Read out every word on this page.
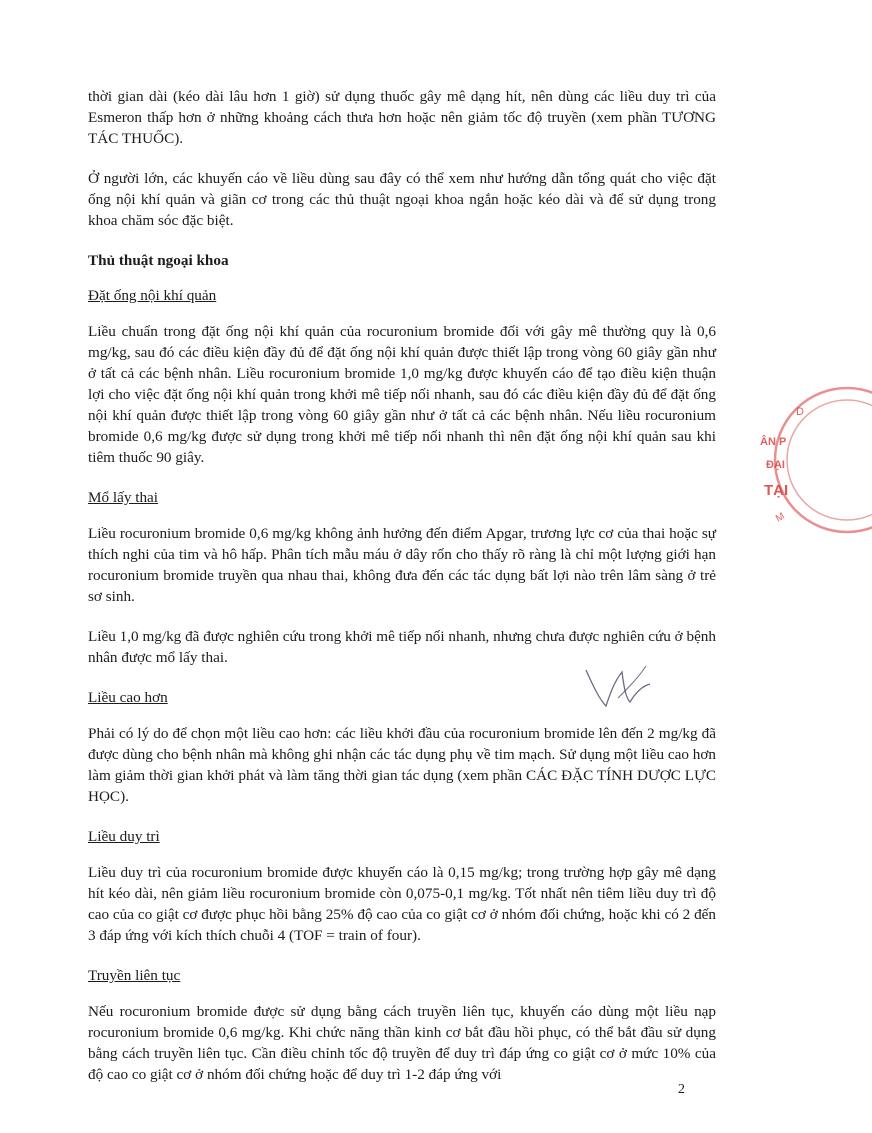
thời gian dài (kéo dài lâu hơn 1 giờ) sử dụng thuốc gây mê dạng hít, nên dùng các liều duy trì của Esmeron thấp hơn ở những khoảng cách thưa hơn hoặc nên giảm tốc độ truyền (xem phần TƯƠNG TÁC THUỐC).

Ở người lớn, các khuyến cáo về liều dùng sau đây có thể xem như hướng dẫn tổng quát cho việc đặt ống nội khí quản và giãn cơ trong các thủ thuật ngoại khoa ngắn hoặc kéo dài và để sử dụng trong khoa chăm sóc đặc biệt.

Thủ thuật ngoại khoa
Đặt ống nội khí quản

Liều chuẩn trong đặt ống nội khí quản của rocuronium bromide đối với gây mê thường quy là 0,6 mg/kg, sau đó các điều kiện đầy đủ để đặt ống nội khí quản được thiết lập trong vòng 60 giây gần như ở tất cả các bệnh nhân. Liều rocuronium bromide 1,0 mg/kg được khuyến cáo để tạo điều kiện thuận lợi cho việc đặt ống nội khí quản trong khởi mê tiếp nối nhanh, sau đó các điều kiện đầy đủ để đặt ống nội khí quản được thiết lập trong vòng 60 giây gần như ở tất cả các bệnh nhân. Nếu liều rocuronium bromide 0,6 mg/kg được sử dụng trong khởi mê tiếp nối nhanh thì nên đặt ống nội khí quản sau khi tiêm thuốc 90 giây.

Mổ lấy thai

Liều rocuronium bromide 0,6 mg/kg không ảnh hưởng đến điểm Apgar, trương lực cơ của thai hoặc sự thích nghi của tim và hô hấp. Phân tích mẫu máu ở dây rốn cho thấy rõ ràng là chỉ một lượng giới hạn rocuronium bromide truyền qua nhau thai, không đưa đến các tác dụng bất lợi nào trên lâm sàng ở trẻ sơ sinh.

Liều 1,0 mg/kg đã được nghiên cứu trong khởi mê tiếp nối nhanh, nhưng chưa được nghiên cứu ở bệnh nhân được mổ lấy thai.

Liều cao hơn

Phải có lý do để chọn một liều cao hơn: các liều khởi đầu của rocuronium bromide lên đến 2 mg/kg đã được dùng cho bệnh nhân mà không ghi nhận các tác dụng phụ về tim mạch. Sử dụng một liều cao hơn làm giảm thời gian khởi phát và làm tăng thời gian tác dụng (xem phần CÁC ĐẶC TÍNH DƯỢC LỰC HỌC).

Liều duy trì

Liều duy trì của rocuronium bromide được khuyến cáo là 0,15 mg/kg; trong trường hợp gây mê dạng hít kéo dài, nên giảm liều rocuronium bromide còn 0,075-0,1 mg/kg. Tốt nhất nên tiêm liều duy trì độ cao của co giật cơ được phục hồi bằng 25% độ cao của co giật cơ ở nhóm đối chứng, hoặc khi có 2 đến 3 đáp ứng với kích thích chuỗi 4 (TOF = train of four).

Truyền liên tục

Nếu rocuronium bromide được sử dụng bằng cách truyền liên tục, khuyến cáo dùng một liều nạp rocuronium bromide 0,6 mg/kg. Khi chức năng thần kinh cơ bắt đầu hồi phục, có thể bắt đầu sử dụng bằng cách truyền liên tục. Cần điều chỉnh tốc độ truyền để duy trì đáp ứng co giật cơ ở mức 10% của độ cao co giật cơ ở nhóm đối chứng hoặc để duy trì 1-2 đáp ứng với

D
ÂN P
ĐẠI
TẠI
M
2
